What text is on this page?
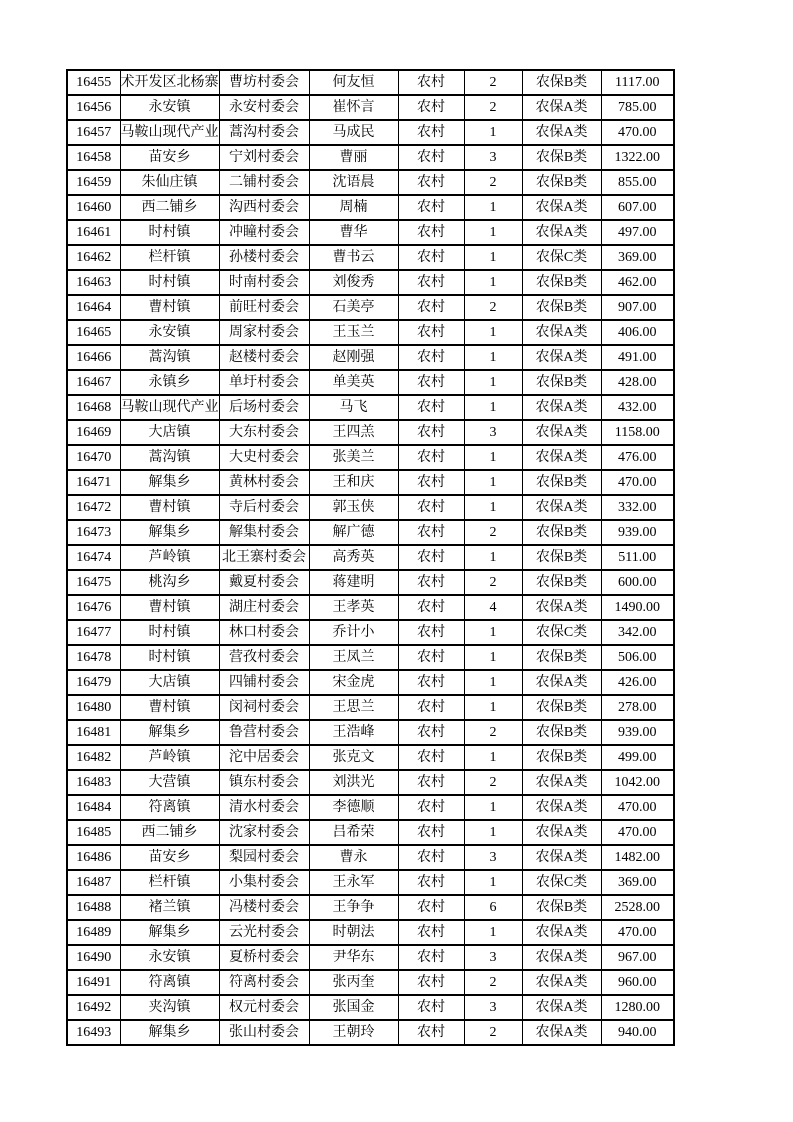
16455	术开发区北杨寨	曹坊村委会	何友恒	农村	2	农保B类	1117.00
16456	永安镇	永安村委会	崔怀言	农村	2	农保A类	785.00
16457	马鞍山现代产业	蒿沟村委会	马成民	农村	1	农保A类	470.00
16458	苗安乡	宁刘村委会	曹丽	农村	3	农保B类	1322.00
16459	朱仙庄镇	二铺村委会	沈语晨	农村	2	农保B类	855.00
16460	西二铺乡	沟西村委会	周楠	农村	1	农保A类	607.00
16461	时村镇	冲瞳村委会	曹华	农村	1	农保A类	497.00
16462	栏杆镇	孙楼村委会	曹书云	农村	1	农保C类	369.00
16463	时村镇	时南村委会	刘俊秀	农村	1	农保B类	462.00
16464	曹村镇	前旺村委会	石美亭	农村	2	农保B类	907.00
16465	永安镇	周家村委会	王玉兰	农村	1	农保A类	406.00
16466	蒿沟镇	赵楼村委会	赵刚强	农村	1	农保A类	491.00
16467	永镇乡	单圩村委会	单美英	农村	1	农保B类	428.00
16468	马鞍山现代产业	后场村委会	马飞	农村	1	农保A类	432.00
16469	大店镇	大东村委会	王四羔	农村	3	农保A类	1158.00
16470	蒿沟镇	大史村委会	张美兰	农村	1	农保A类	476.00
16471	解集乡	黄林村委会	王和庆	农村	1	农保B类	470.00
16472	曹村镇	寺后村委会	郭玉侠	农村	1	农保A类	332.00
16473	解集乡	解集村委会	解广德	农村	2	农保B类	939.00
16474	芦岭镇	北王寨村委会	高秀英	农村	1	农保B类	511.00
16475	桃沟乡	戴夏村委会	蒋建明	农村	2	农保B类	600.00
16476	曹村镇	湖庄村委会	王孝英	农村	4	农保A类	1490.00
16477	时村镇	林口村委会	乔计小	农村	1	农保C类	342.00
16478	时村镇	营孜村委会	王凤兰	农村	1	农保B类	506.00
16479	大店镇	四铺村委会	宋金虎	农村	1	农保A类	426.00
16480	曹村镇	闵祠村委会	王思兰	农村	1	农保B类	278.00
16481	解集乡	鲁营村委会	王浩峰	农村	2	农保B类	939.00
16482	芦岭镇	沱中居委会	张克文	农村	1	农保B类	499.00
16483	大营镇	镇东村委会	刘洪光	农村	2	农保A类	1042.00
16484	符离镇	清水村委会	李德顺	农村	1	农保A类	470.00
16485	西二铺乡	沈家村委会	吕希荣	农村	1	农保A类	470.00
16486	苗安乡	梨园村委会	曹永	农村	3	农保A类	1482.00
16487	栏杆镇	小集村委会	王永军	农村	1	农保C类	369.00
16488	褚兰镇	冯楼村委会	王争争	农村	6	农保B类	2528.00
16489	解集乡	云光村委会	时朝法	农村	1	农保A类	470.00
16490	永安镇	夏桥村委会	尹华东	农村	3	农保A类	967.00
16491	符离镇	符离村委会	张丙奎	农村	2	农保A类	960.00
16492	夹沟镇	权元村委会	张国金	农村	3	农保A类	1280.00
16493	解集乡	张山村委会	王朝玲	农村	2	农保A类	940.00
